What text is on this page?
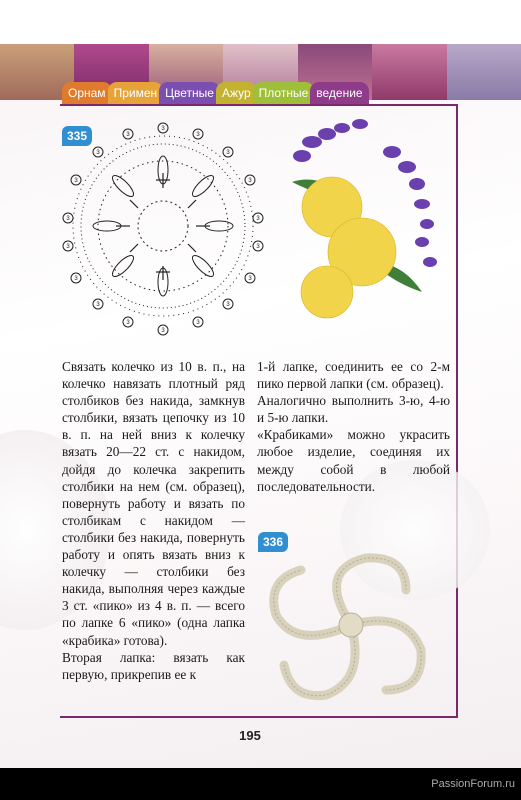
Орнам Примен Цветные Ажур Плотные ведение
335	3
3	3
3	3
3	3
3	3
3	3
3	3
3	3
3	3
3

Связать колечко из 10 в. п., на колечко навязать плотный ряд столбиков без накида, замкнув столбики, вязать цепочку из 10 в. п. на ней вниз к колечку вязать 20—22 ст. с накидом, дойдя до колечка закрепить столбики на нем (см. образец), повернуть работу и вязать по столбикам с накидом — столбики без накида, повернуть работу и опять вязать вниз к колечку — столбики без накида, выполняя через каждые 3 ст. «пико» из 4 в. п. — всего по лапке 6 «пико» (одна лапка «крабика» готова).

Вторая лапка: вязать как первую, прикрепив ее к

1-й лапке, соединить ее со 2-м пико первой лапки (см. образец).

Аналогично выполнить 3-ю, 4-ю и 5-ю лапки.

«Крабиками» можно украсить любое изделие, соединяя их между собой в любой последовательности.

336
195
PassionForum.ru
